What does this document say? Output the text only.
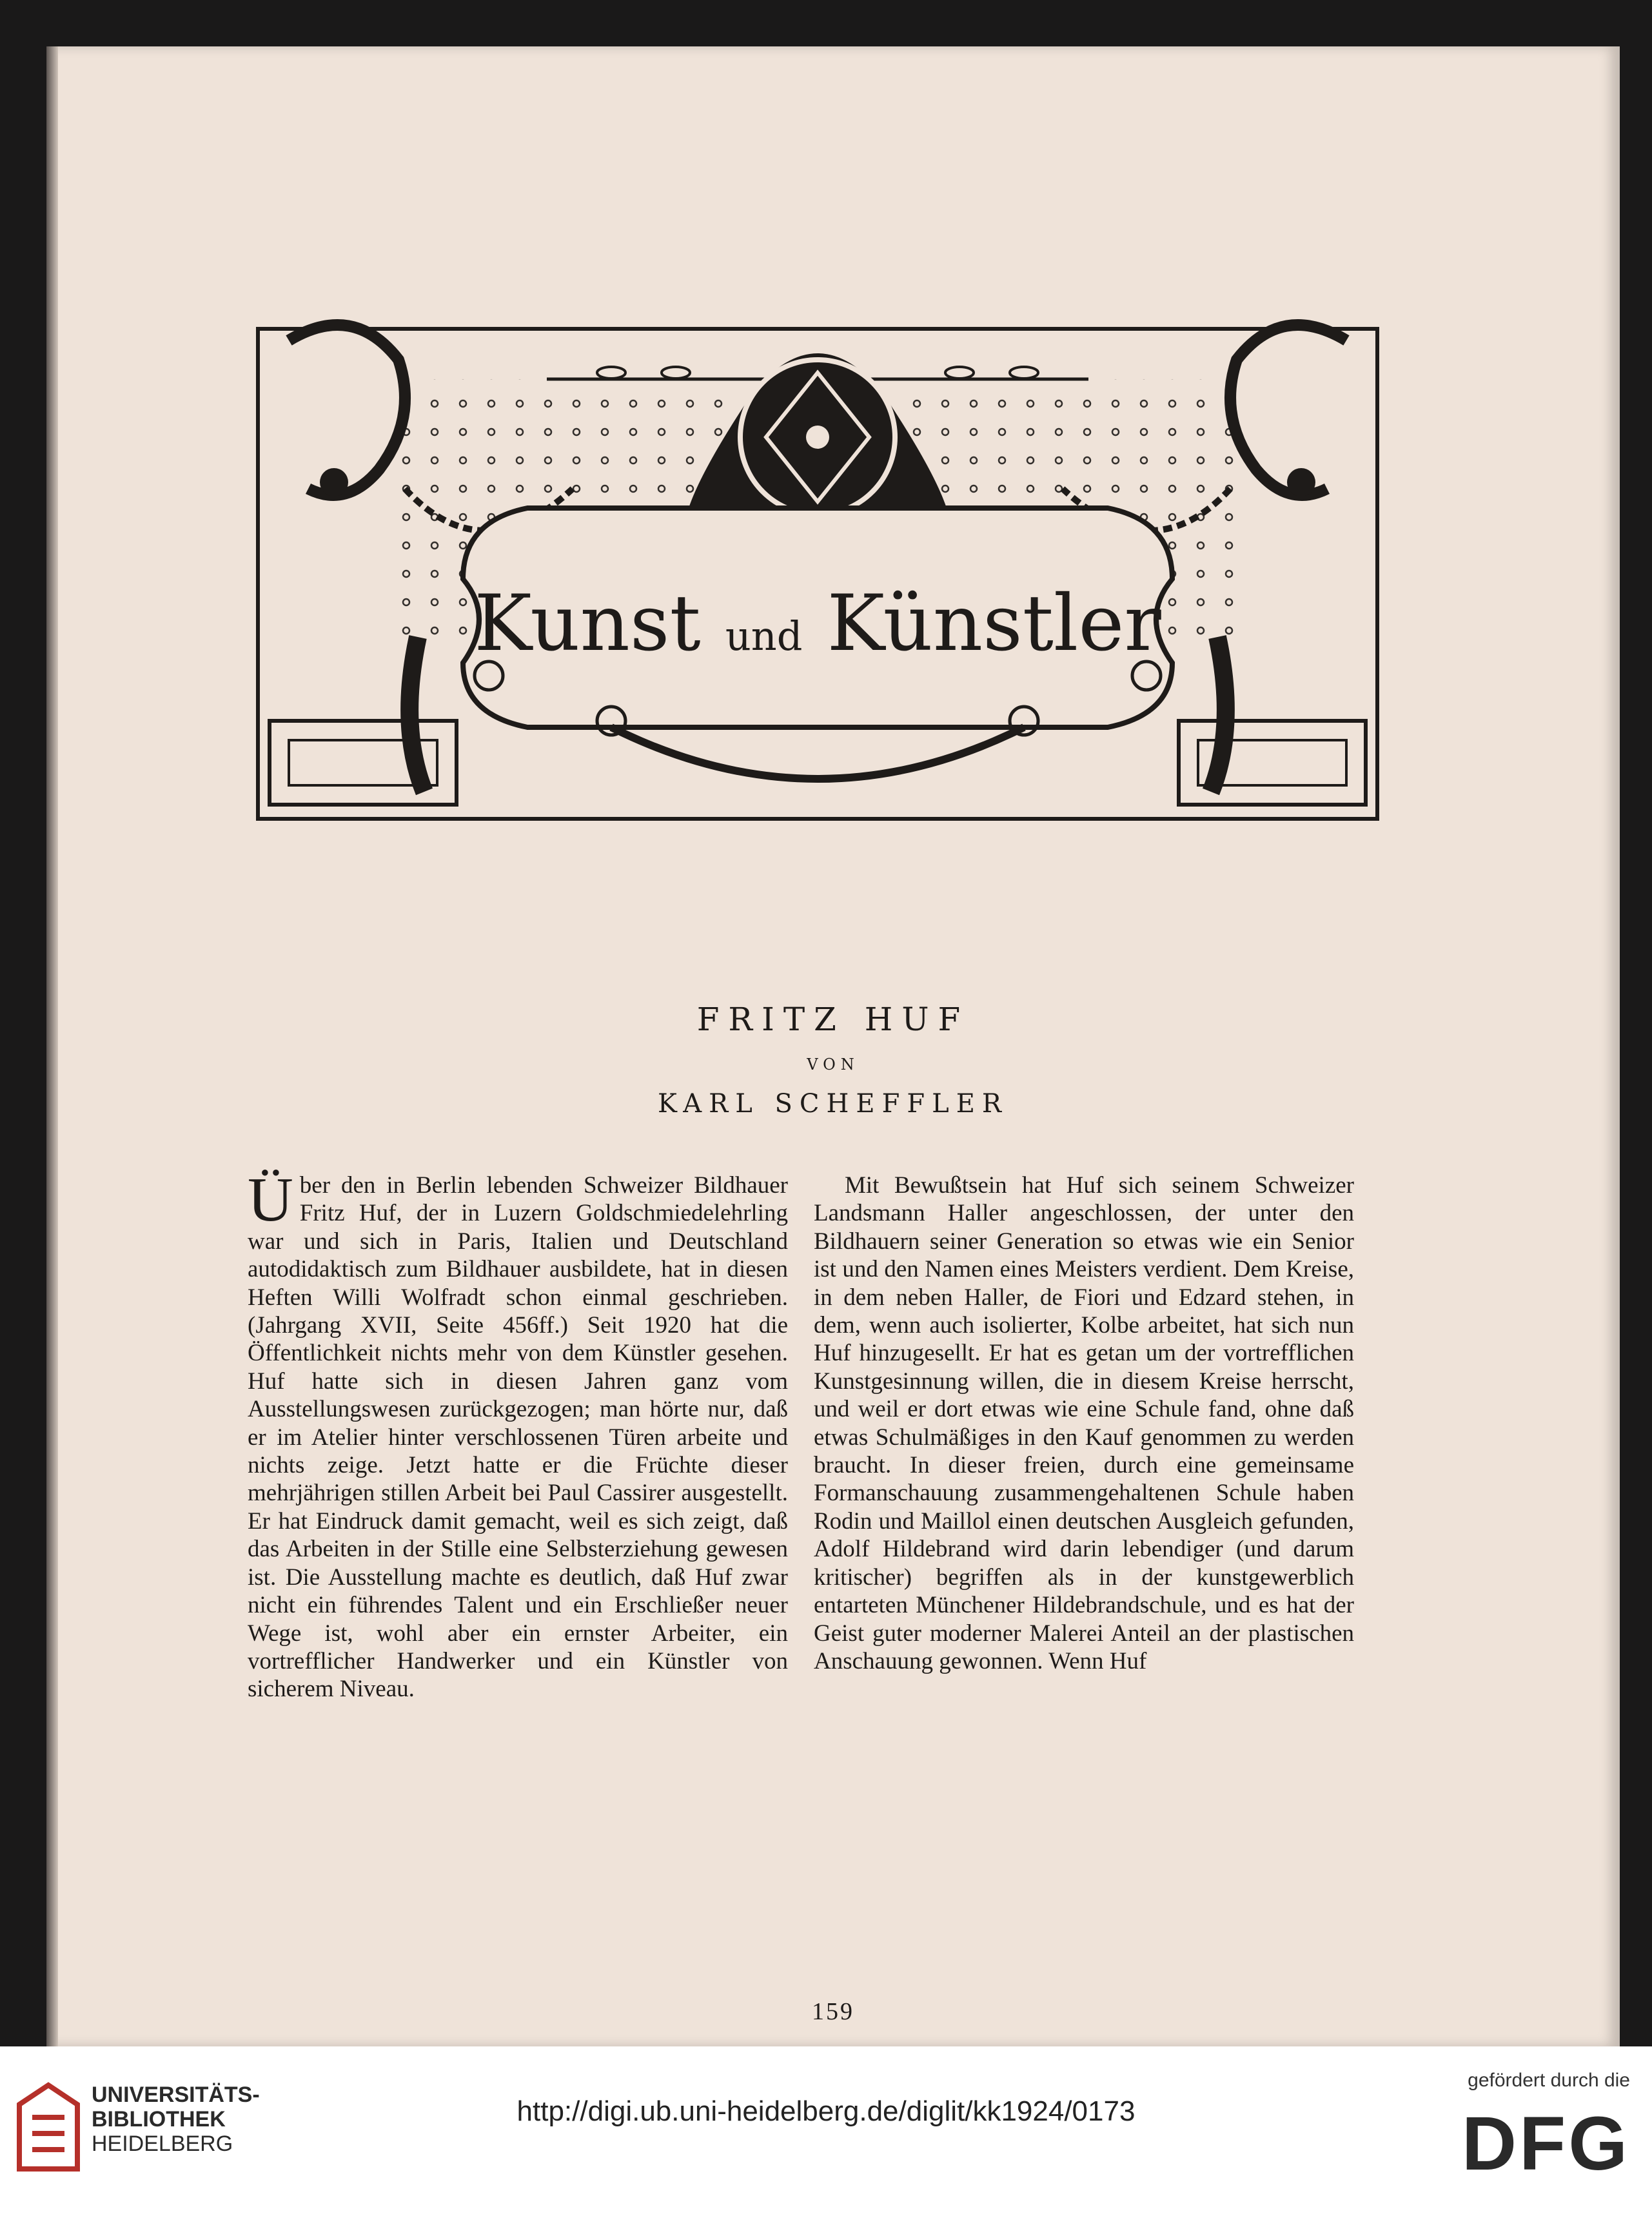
Kunst und Künstler
FRITZ HUF
VON
KARL SCHEFFLER
Über den in Berlin lebenden Schweizer Bildhauer Fritz Huf, der in Luzern Goldschmiedelehrling war und sich in Paris, Italien und Deutschland autodidaktisch zum Bildhauer ausbildete, hat in diesen Heften Willi Wolfradt schon einmal geschrieben. (Jahrgang XVII, Seite 456ff.) Seit 1920 hat die Öffentlichkeit nichts mehr von dem Künstler gesehen. Huf hatte sich in diesen Jahren ganz vom Ausstellungswesen zurückgezogen; man hörte nur, daß er im Atelier hinter verschlossenen Türen arbeite und nichts zeige. Jetzt hatte er die Früchte dieser mehrjährigen stillen Arbeit bei Paul Cassirer ausgestellt. Er hat Eindruck damit gemacht, weil es sich zeigt, daß das Arbeiten in der Stille eine Selbsterziehung gewesen ist. Die Ausstellung machte es deutlich, daß Huf zwar nicht ein führendes Talent und ein Erschließer neuer Wege ist, wohl aber ein ernster Arbeiter, ein vortrefflicher Handwerker und ein Künstler von sicherem Niveau.
Mit Bewußtsein hat Huf sich seinem Schweizer Landsmann Haller angeschlossen, der unter den Bildhauern seiner Generation so etwas wie ein Senior ist und den Namen eines Meisters verdient. Dem Kreise, in dem neben Haller, de Fiori und Edzard stehen, in dem, wenn auch isolierter, Kolbe arbeitet, hat sich nun Huf hinzugesellt. Er hat es getan um der vortrefflichen Kunstgesinnung willen, die in diesem Kreise herrscht, und weil er dort etwas wie eine Schule fand, ohne daß etwas Schulmäßiges in den Kauf genommen zu werden braucht. In dieser freien, durch eine gemeinsame Formanschauung zusammengehaltenen Schule haben Rodin und Maillol einen deutschen Ausgleich gefunden, Adolf Hildebrand wird darin lebendiger (und darum kritischer) begriffen als in der kunstgewerblich entarteten Münchener Hildebrandschule, und es hat der Geist guter moderner Malerei Anteil an der plastischen Anschauung gewonnen. Wenn Huf
159
UNIVERSITÄTS-
BIBLIOTHEK
HEIDELBERG
http://digi.ub.uni-heidelberg.de/diglit/kk1924/0173
gefördert durch die
DFG
